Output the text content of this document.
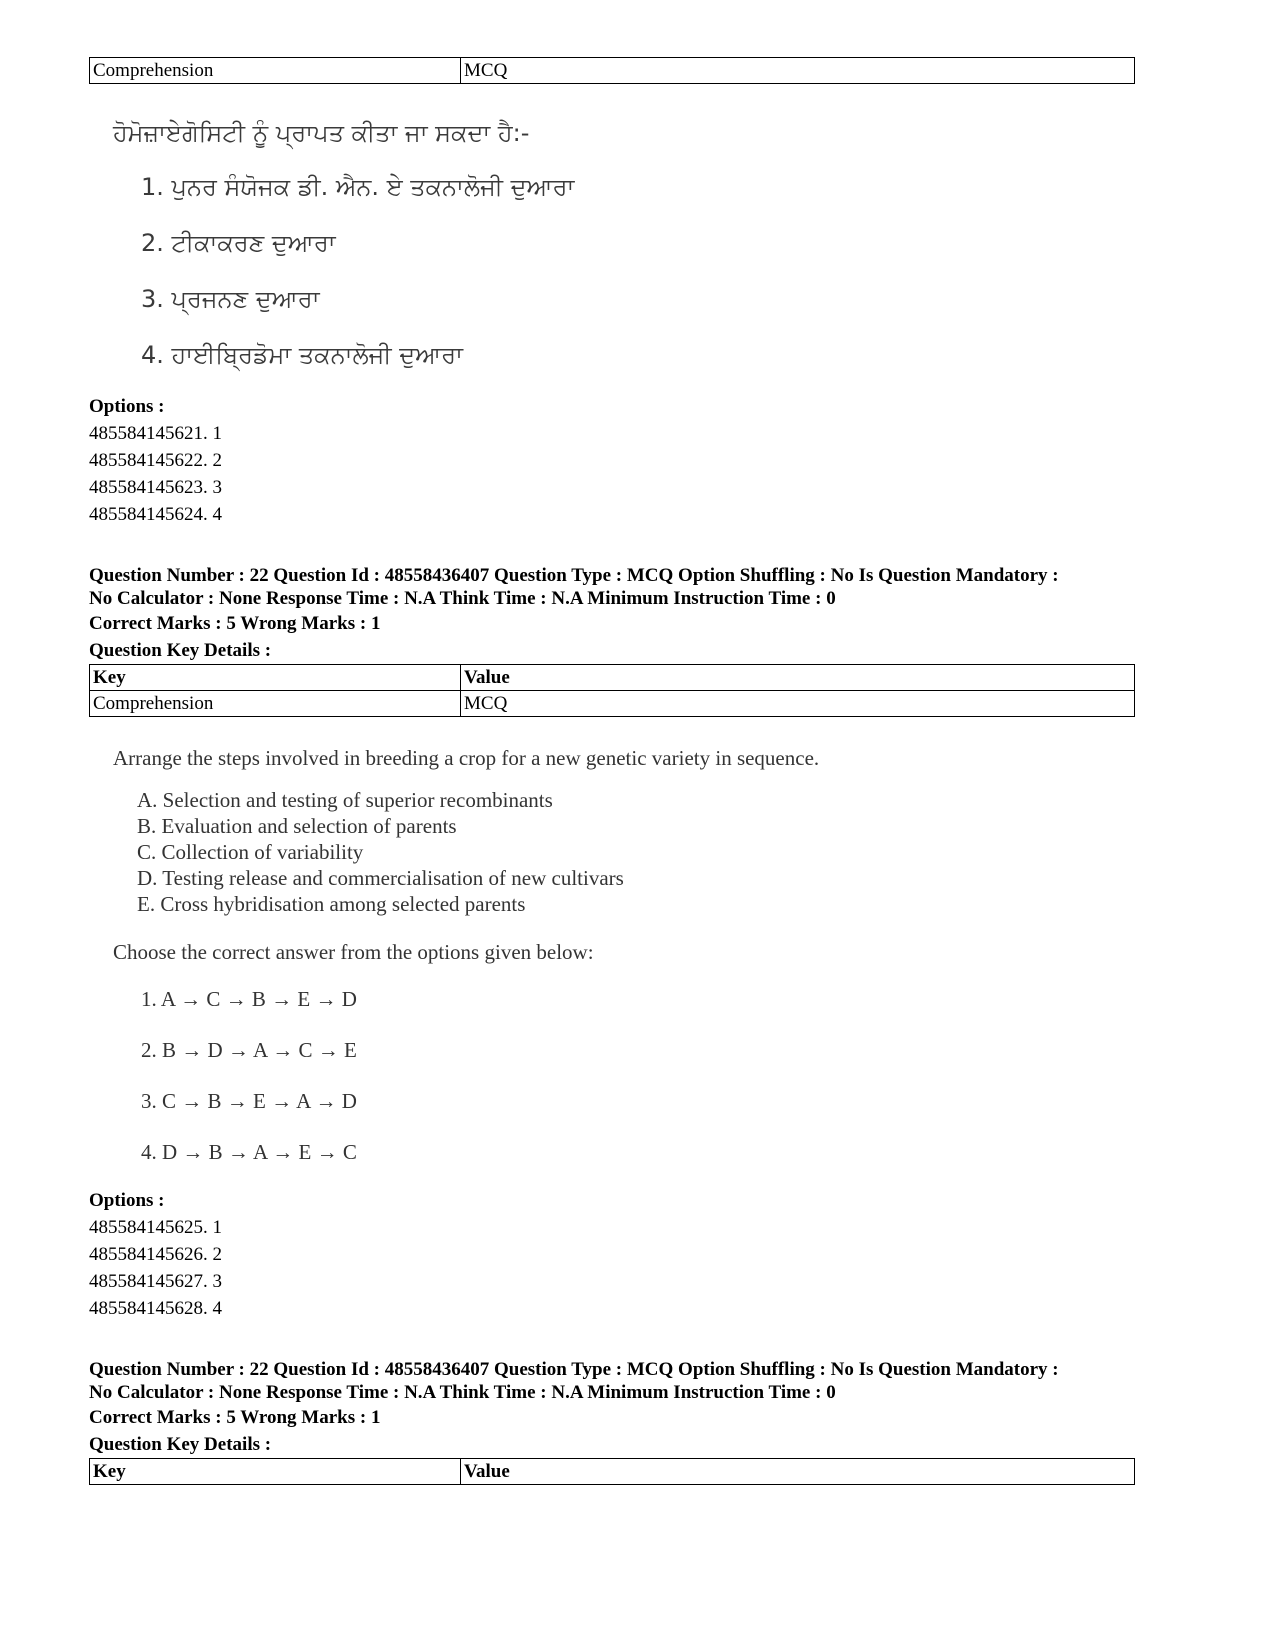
Comprehension	MCQ
ਹੋਮੋਜ਼ਾਏਗੋਸਿਟੀ ਨੂੰ ਪ੍ਰਾਪਤ ਕੀਤਾ ਜਾ ਸਕਦਾ ਹੈ:-
1. ਪੁਨਰ ਸੰਯੋਜਕ ਡੀ. ਐਨ. ਏ ਤਕਨਾਲੋਜੀ ਦੁਆਰਾ
2. ਟੀਕਾਕਰਣ ਦੁਆਰਾ
3. ਪ੍ਰਜਨਣ ਦੁਆਰਾ
4. ਹਾਈਬ੍ਰਿਡੋਮਾ ਤਕਨਾਲੋਜੀ ਦੁਆਰਾ
Options :
485584145621. 1
485584145622. 2
485584145623. 3
485584145624. 4
Question Number : 22 Question Id : 48558436407 Question Type : MCQ Option Shuffling : No Is Question Mandatory :
No Calculator : None Response Time : N.A Think Time : N.A Minimum Instruction Time : 0
Correct Marks : 5 Wrong Marks : 1
Question Key Details :
Key	Value
Comprehension	MCQ
Arrange the steps involved in breeding a crop for a new genetic variety in sequence.
A. Selection and testing of superior recombinants
B. Evaluation and selection of parents
C. Collection of variability
D. Testing release and commercialisation of new cultivars
E. Cross hybridisation among selected parents
Choose the correct answer from the options given below:
1. A → C → B → E → D
2. B → D → A → C → E
3. C → B → E → A → D
4. D → B → A → E → C
Options :
485584145625. 1
485584145626. 2
485584145627. 3
485584145628. 4
Question Number : 22 Question Id : 48558436407 Question Type : MCQ Option Shuffling : No Is Question Mandatory :
No Calculator : None Response Time : N.A Think Time : N.A Minimum Instruction Time : 0
Correct Marks : 5 Wrong Marks : 1
Question Key Details :
Key	Value
